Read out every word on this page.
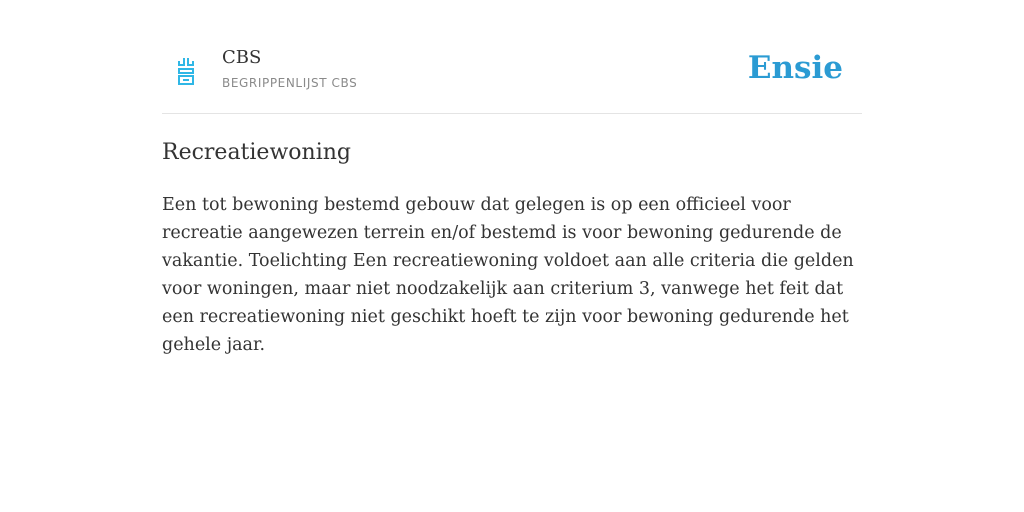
CBS
BEGRIPPENLIJST CBS	Ensie
Recreatiewoning

Een tot bewoning bestemd gebouw dat gelegen is op een officieel voor recreatie aangewezen terrein en/of bestemd is voor bewoning gedurende de vakantie. Toelichting Een recreatiewoning voldoet aan alle criteria die gelden voor woningen, maar niet noodzakelijk aan criterium 3, vanwege het feit dat een recreatiewoning niet geschikt hoeft te zijn voor bewoning gedurende het gehele jaar.
